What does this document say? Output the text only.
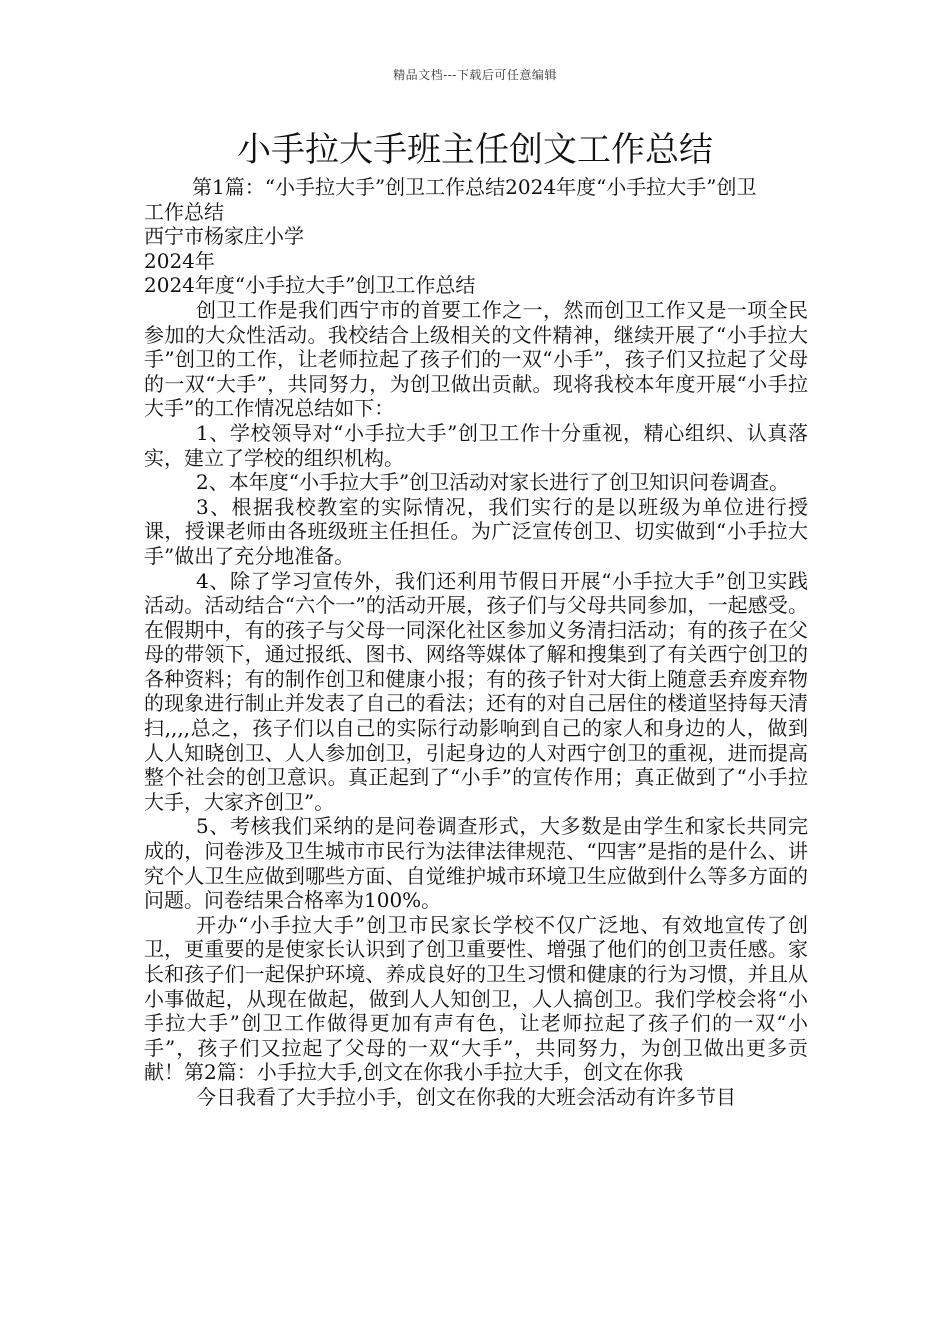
精品文档---下载后可任意编辑
小手拉大手班主任创文工作总结

第1篇：“小手拉大手”创卫工作总结2024年度“小手拉大手”创卫

工作总结

西宁市杨家庄小学

2024年

2024年度“小手拉大手”创卫工作总结

创卫工作是我们西宁市的首要工作之一，然而创卫工作又是一项全民参加的大众性活动。我校结合上级相关的文件精神，继续开展了“小手拉大手”创卫的工作，让老师拉起了孩子们的一双“小手”，孩子们又拉起了父母的一双“大手”，共同努力，为创卫做出贡献。现将我校本年度开展“小手拉大手”的工作情况总结如下：

1、学校领导对“小手拉大手”创卫工作十分重视，精心组织、认真落实，建立了学校的组织机构。

2、本年度“小手拉大手”创卫活动对家长进行了创卫知识问卷调查。

3、根据我校教室的实际情况，我们实行的是以班级为单位进行授课，授课老师由各班级班主任担任。为广泛宣传创卫、切实做到“小手拉大手”做出了充分地准备。

4、除了学习宣传外，我们还利用节假日开展“小手拉大手”创卫实践活动。活动结合“六个一”的活动开展，孩子们与父母共同参加，一起感受。在假期中，有的孩子与父母一同深化社区参加义务清扫活动；有的孩子在父母的带领下，通过报纸、图书、网络等媒体了解和搜集到了有关西宁创卫的各种资料；有的制作创卫和健康小报；有的孩子针对大街上随意丢弃废弃物的现象进行制止并发表了自己的看法；还有的对自己居住的楼道坚持每天清扫,,,,总之，孩子们以自己的实际行动影响到自己的家人和身边的人，做到人人知晓创卫、人人参加创卫，引起身边的人对西宁创卫的重视，进而提高整个社会的创卫意识。真正起到了“小手”的宣传作用；真正做到了“小手拉大手，大家齐创卫”。

5、考核我们采纳的是问卷调查形式，大多数是由学生和家长共同完成的，问卷涉及卫生城市市民行为法律法律规范、“四害”是指的是什么、讲究个人卫生应做到哪些方面、自觉维护城市环境卫生应做到什么等多方面的问题。问卷结果合格率为100%。

开办“小手拉大手”创卫市民家长学校不仅广泛地、有效地宣传了创卫，更重要的是使家长认识到了创卫重要性、增强了他们的创卫责任感。家长和孩子们一起保护环境、养成良好的卫生习惯和健康的行为习惯，并且从小事做起，从现在做起，做到人人知创卫，人人搞创卫。我们学校会将“小手拉大手”创卫工作做得更加有声有色，让老师拉起了孩子们的一双“小手”，孩子们又拉起了父母的一双“大手”，共同努力，为创卫做出更多贡献！第2篇：小手拉大手,创文在你我小手拉大手，创文在你我

今日我看了大手拉小手，创文在你我的大班会活动有许多节目
